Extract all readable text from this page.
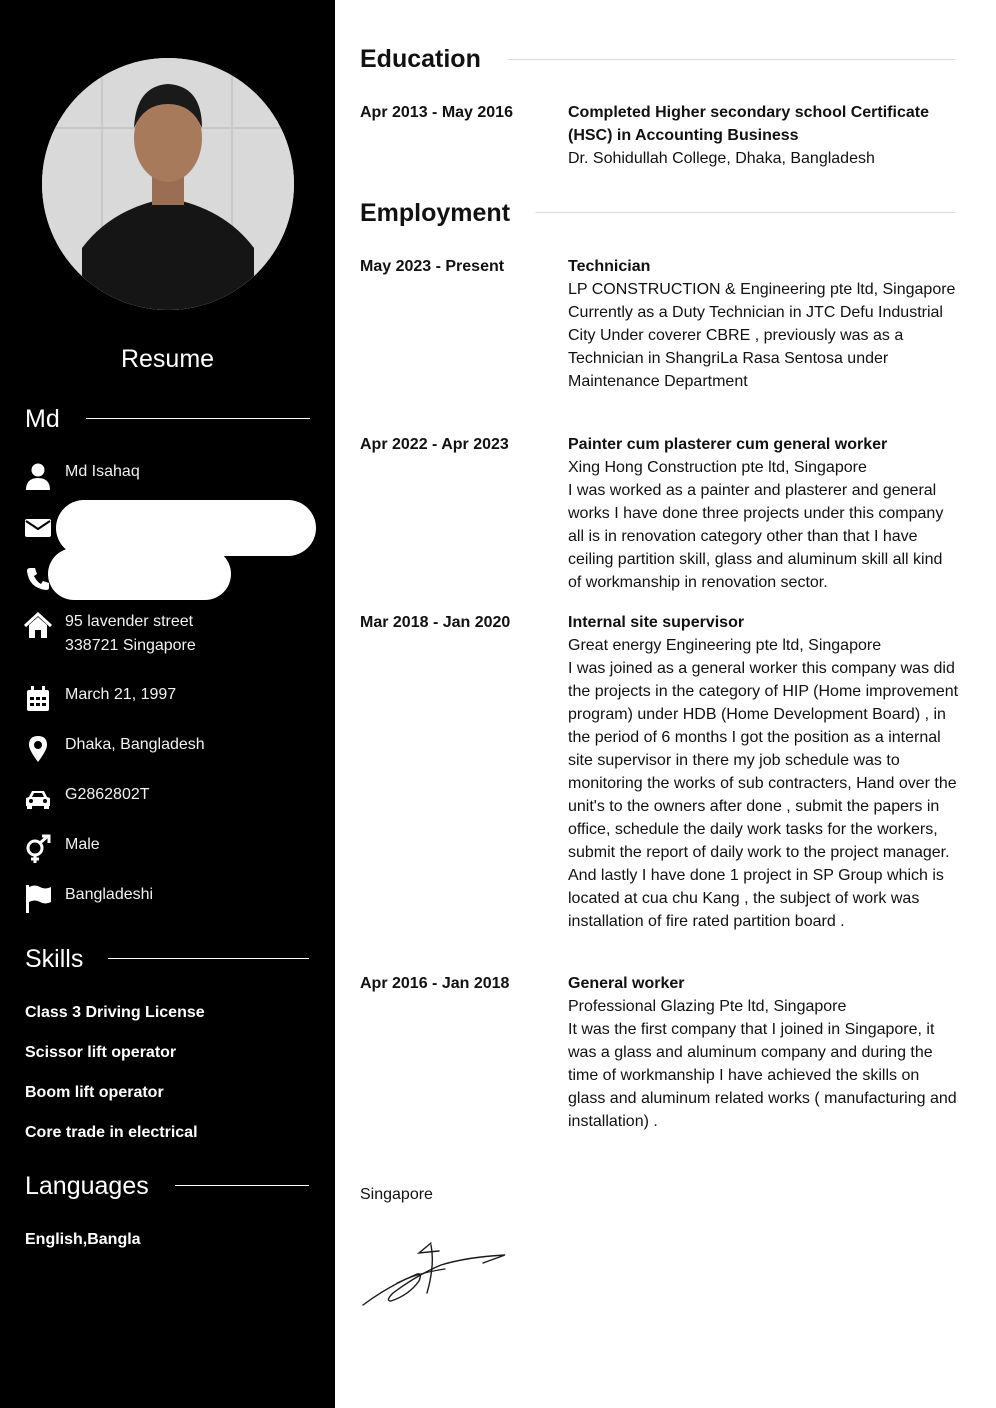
Resume
Md
Md Isahaq
95 lavender street
338721 Singapore
March 21, 1997
Dhaka, Bangladesh
G2862802T
Male
Bangladeshi
Skills
Class 3 Driving License
Scissor lift operator
Boom lift operator
Core trade in electrical
Languages
English,Bangla
Education
Apr 2013 - May 2016	Completed Higher secondary school Certificate (HSC) in Accounting Business
Dr. Sohidullah College, Dhaka, Bangladesh
Employment
May 2023 - Present	Technician
LP CONSTRUCTION & Engineering pte ltd, Singapore
Currently as a Duty Technician in JTC Defu Industrial City Under coverer CBRE , previously was as a Technician in ShangriLa Rasa Sentosa under Maintenance Department
Apr 2022 - Apr 2023	Painter cum plasterer cum general worker
Xing Hong Construction pte ltd, Singapore
I was worked as a painter and plasterer and general works I have done three projects under this company all is in renovation category other than that I have ceiling partition skill, glass and aluminum skill all kind of workmanship in renovation sector.
Mar 2018 - Jan 2020	Internal site supervisor
Great energy Engineering pte ltd, Singapore
I was joined as a general worker this company was did the projects in the category of HIP (Home improvement program) under HDB (Home Development Board) , in the period of 6 months I got the position as a internal site supervisor in there my job schedule was to monitoring the works of sub contracters, Hand over the unit's to the owners after done , submit the papers in office, schedule the daily work tasks for the workers, submit the report of daily work to the project manager. And lastly I have done 1 project in SP Group which is located at cua chu Kang , the subject of work was installation of fire rated partition board .
Apr 2016 - Jan 2018	General worker
Professional Glazing Pte ltd, Singapore
It was the first company that I joined in Singapore, it was a glass and aluminum company and during the time of workmanship I have achieved the skills on glass and aluminum related works ( manufacturing and installation) .
Singapore
